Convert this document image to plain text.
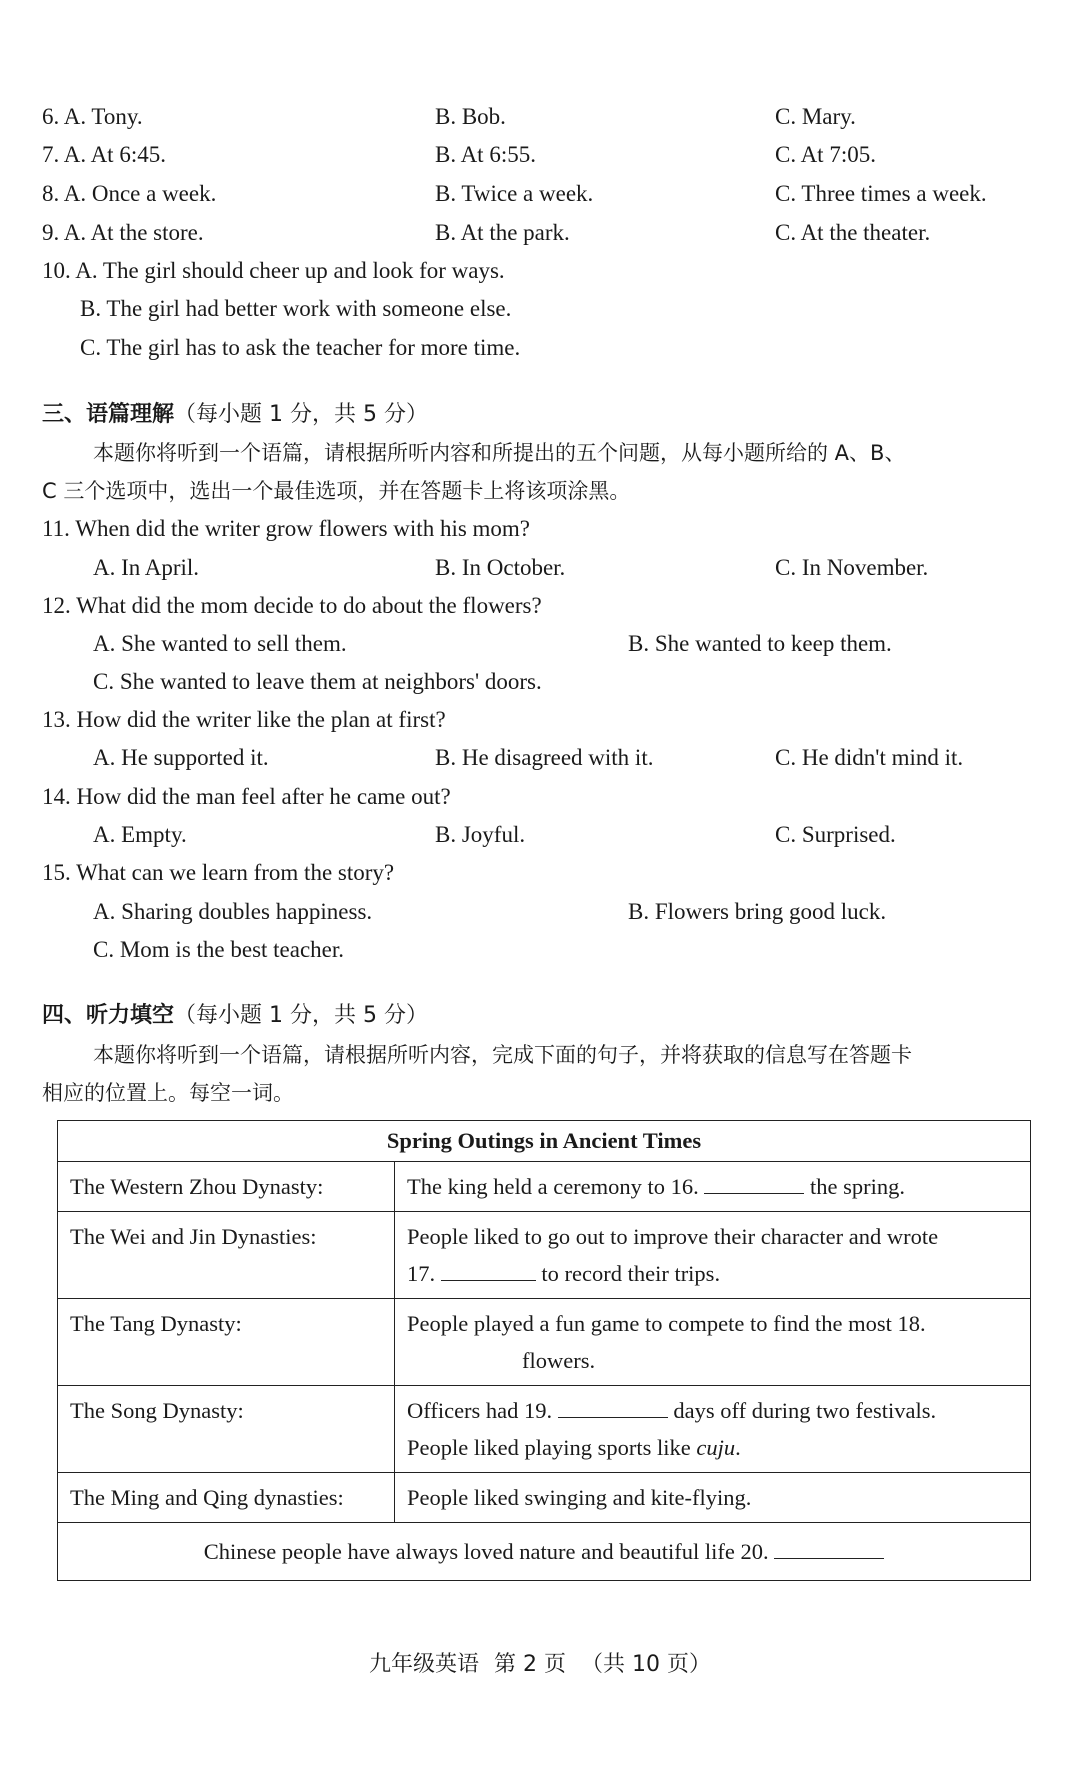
6. A. Tony.	B. Bob.	C. Mary.
7. A. At 6:45.	B. At 6:55.	C. At 7:05.
8. A. Once a week.	B. Twice a week.	C. Three times a week.
9. A. At the store.	B. At the park.	C. At the theater.
10. A. The girl should cheer up and look for ways.
B. The girl had better work with someone else.
C. The girl has to ask the teacher for more time.
三、语篇理解（每小题 1 分，共 5 分）
本题你将听到一个语篇，请根据所听内容和所提出的五个问题，从每小题所给的 A、B、
C 三个选项中，选出一个最佳选项，并在答题卡上将该项涂黑。
11. When did the writer grow flowers with his mom?
A. In April.	B. In October.	C. In November.
12. What did the mom decide to do about the flowers?
A. She wanted to sell them.	B. She wanted to keep them.
C. She wanted to leave them at neighbors' doors.
13. How did the writer like the plan at first?
A. He supported it.	B. He disagreed with it.	C. He didn't mind it.
14. How did the man feel after he came out?
A. Empty.	B. Joyful.	C. Surprised.
15. What can we learn from the story?
A. Sharing doubles happiness.	B. Flowers bring good luck.
C. Mom is the best teacher.
四、听力填空（每小题 1 分，共 5 分）
本题你将听到一个语篇，请根据所听内容，完成下面的句子，并将获取的信息写在答题卡
相应的位置上。每空一词。
Spring Outings in Ancient Times	
The Western Zhou Dynasty:	The king held a ceremony to 16. the spring.
The Wei and Jin Dynasties:	People liked to go out to improve their character and wrote
17. to record their trips.

The Tang Dynasty:	People played a fun game to compete to find the most 18.
flowers.

The Song Dynasty:	Officers had 19. days off during two festivals.
People liked playing sports like cuju.

The Ming and Qing dynasties:	People liked swinging and kite-flying.
Chinese people have always loved nature and beautiful life 20.	
九年级英语 第 2 页 （共 10 页）
